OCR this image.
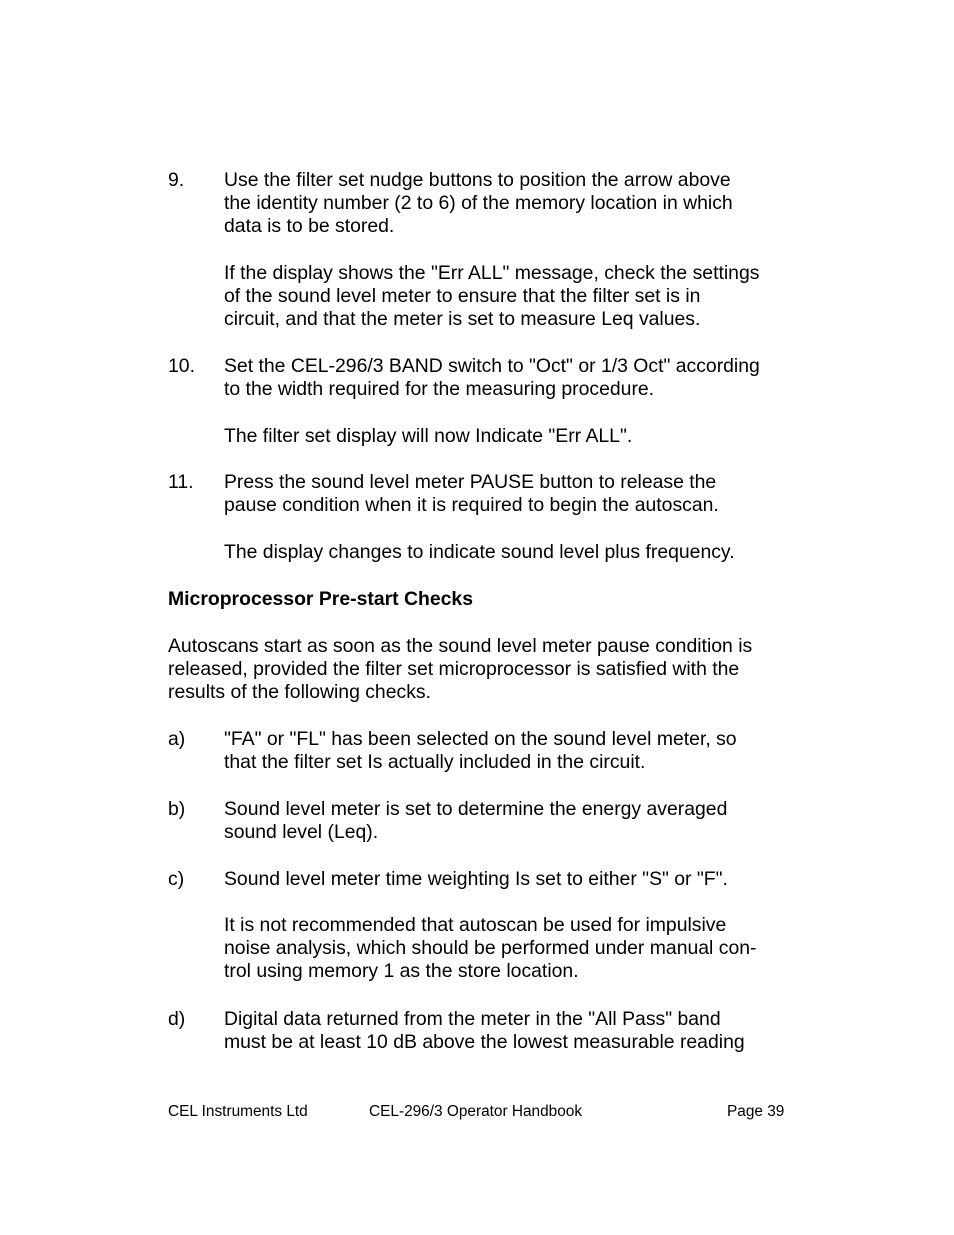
9.	Use the filter set nudge buttons to position the arrow above
the identity number (2 to 6) of the memory location in which
data is to be stored.
If the display shows the "Err ALL" message, check the settings
of the sound level meter to ensure that the filter set is in
circuit, and that the meter is set to measure Leq values.
10.	Set the CEL-296/3 BAND switch to "Oct" or 1/3 Oct" according
to the width required for the measuring procedure.
The filter set display will now Indicate "Err ALL".
11.	Press the sound level meter PAUSE button to release the
pause condition when it is required to begin the autoscan.
The display changes to indicate sound level plus frequency.
Microprocessor Pre-start Checks
Autoscans start as soon as the sound level meter pause condition is
released, provided the filter set microprocessor is satisfied with the
results of the following checks.
a)	"FA" or "FL" has been selected on the sound level meter, so
that the filter set Is actually included in the circuit.
b)	Sound level meter is set to determine the energy averaged
sound level (Leq).
c)	Sound level meter time weighting Is set to either "S" or "F".
It is not recommended that autoscan be used for impulsive
noise analysis, which should be performed under manual con-
trol using memory 1 as the store location.
d)	Digital data returned from the meter in the "All Pass" band
must be at least 10 dB above the lowest measurable reading
CEL Instruments Ltd	CEL-296/3 Operator Handbook	Page 39
